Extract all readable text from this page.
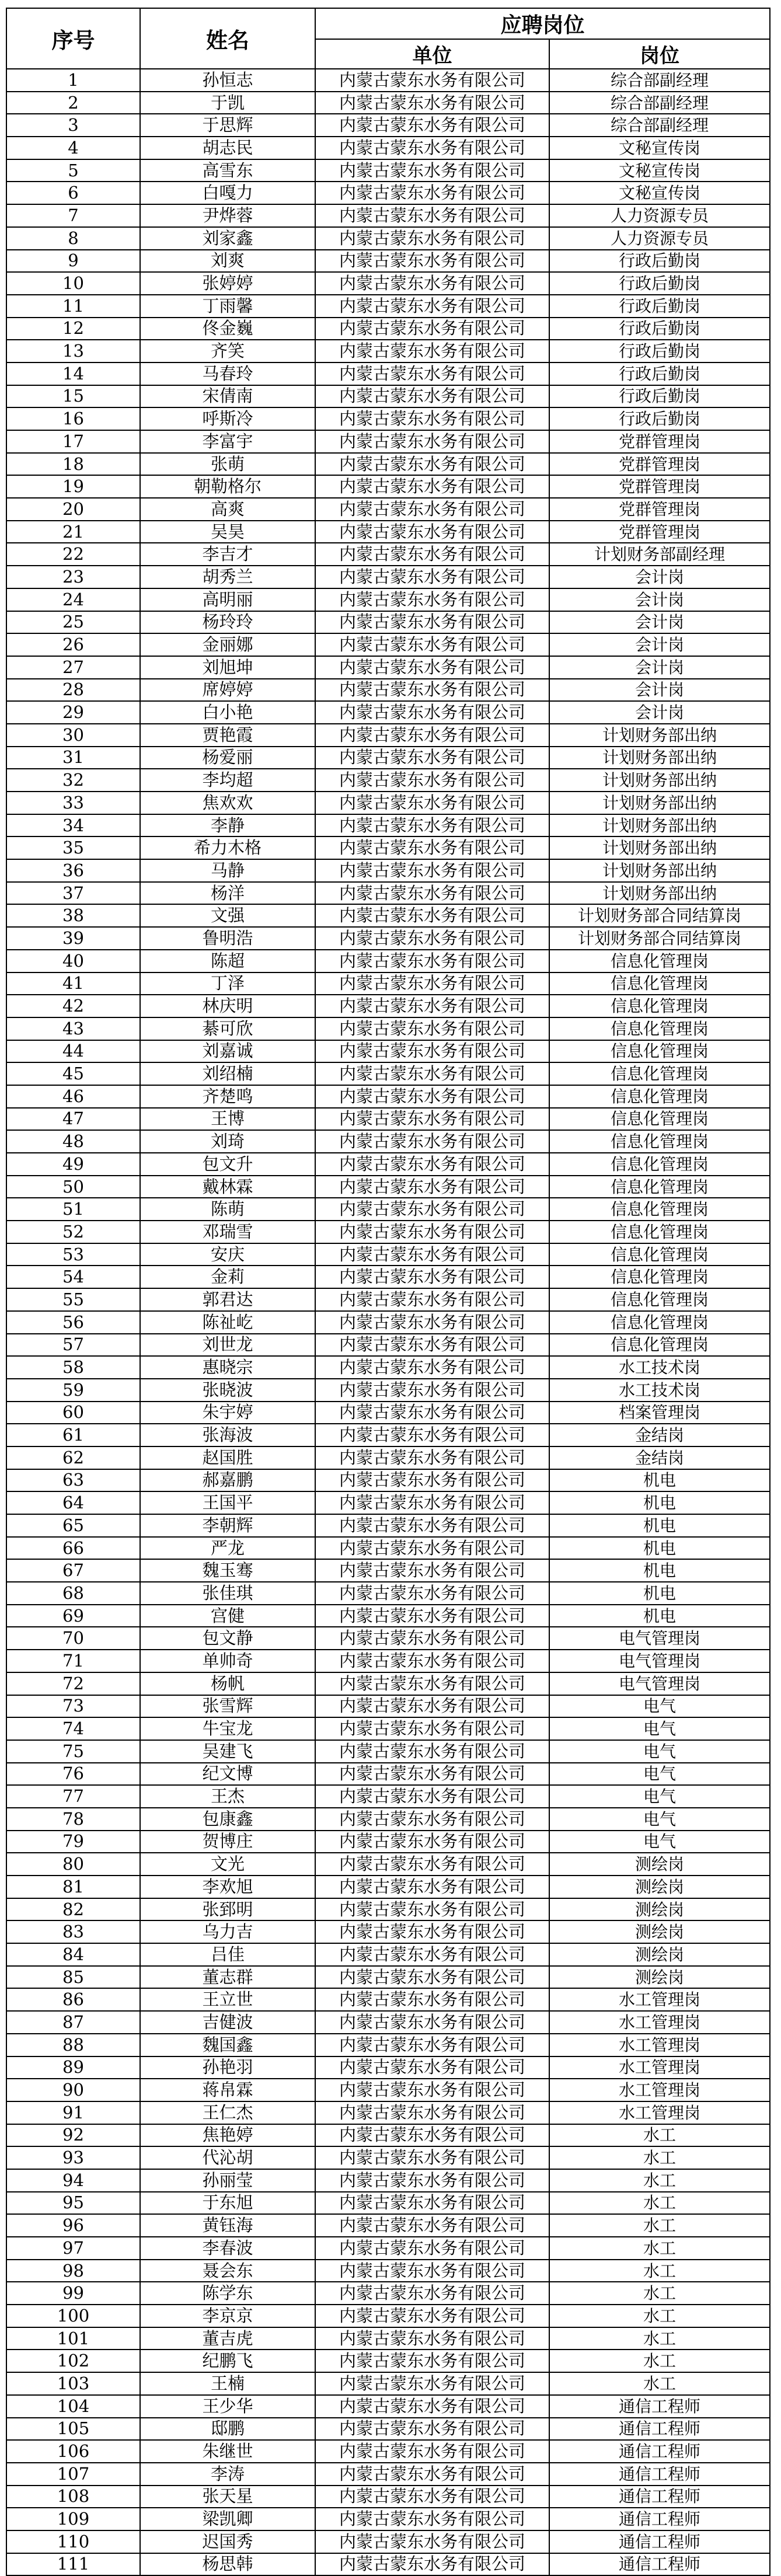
序号	姓名	应聘岗位	
		单位	岗位
1	孙恒志	内蒙古蒙东水务有限公司	综合部副经理
2	于凯	内蒙古蒙东水务有限公司	综合部副经理
3	于思辉	内蒙古蒙东水务有限公司	综合部副经理
4	胡志民	内蒙古蒙东水务有限公司	文秘宣传岗
5	高雪东	内蒙古蒙东水务有限公司	文秘宣传岗
6	白嘎力	内蒙古蒙东水务有限公司	文秘宣传岗
7	尹烨蓉	内蒙古蒙东水务有限公司	人力资源专员
8	刘家鑫	内蒙古蒙东水务有限公司	人力资源专员
9	刘爽	内蒙古蒙东水务有限公司	行政后勤岗
10	张婷婷	内蒙古蒙东水务有限公司	行政后勤岗
11	丁雨馨	内蒙古蒙东水务有限公司	行政后勤岗
12	佟金巍	内蒙古蒙东水务有限公司	行政后勤岗
13	齐笑	内蒙古蒙东水务有限公司	行政后勤岗
14	马春玲	内蒙古蒙东水务有限公司	行政后勤岗
15	宋倩南	内蒙古蒙东水务有限公司	行政后勤岗
16	呼斯冷	内蒙古蒙东水务有限公司	行政后勤岗
17	李富宇	内蒙古蒙东水务有限公司	党群管理岗
18	张萌	内蒙古蒙东水务有限公司	党群管理岗
19	朝勒格尔	内蒙古蒙东水务有限公司	党群管理岗
20	高爽	内蒙古蒙东水务有限公司	党群管理岗
21	吴昊	内蒙古蒙东水务有限公司	党群管理岗
22	李吉才	内蒙古蒙东水务有限公司	计划财务部副经理
23	胡秀兰	内蒙古蒙东水务有限公司	会计岗
24	高明丽	内蒙古蒙东水务有限公司	会计岗
25	杨玲玲	内蒙古蒙东水务有限公司	会计岗
26	金丽娜	内蒙古蒙东水务有限公司	会计岗
27	刘旭坤	内蒙古蒙东水务有限公司	会计岗
28	席婷婷	内蒙古蒙东水务有限公司	会计岗
29	白小艳	内蒙古蒙东水务有限公司	会计岗
30	贾艳霞	内蒙古蒙东水务有限公司	计划财务部出纳
31	杨爱丽	内蒙古蒙东水务有限公司	计划财务部出纳
32	李均超	内蒙古蒙东水务有限公司	计划财务部出纳
33	焦欢欢	内蒙古蒙东水务有限公司	计划财务部出纳
34	李静	内蒙古蒙东水务有限公司	计划财务部出纳
35	希力木格	内蒙古蒙东水务有限公司	计划财务部出纳
36	马静	内蒙古蒙东水务有限公司	计划财务部出纳
37	杨洋	内蒙古蒙东水务有限公司	计划财务部出纳
38	文强	内蒙古蒙东水务有限公司	计划财务部合同结算岗
39	鲁明浩	内蒙古蒙东水务有限公司	计划财务部合同结算岗
40	陈超	内蒙古蒙东水务有限公司	信息化管理岗
41	丁泽	内蒙古蒙东水务有限公司	信息化管理岗
42	林庆明	内蒙古蒙东水务有限公司	信息化管理岗
43	綦可欣	内蒙古蒙东水务有限公司	信息化管理岗
44	刘嘉诚	内蒙古蒙东水务有限公司	信息化管理岗
45	刘绍楠	内蒙古蒙东水务有限公司	信息化管理岗
46	齐楚鸣	内蒙古蒙东水务有限公司	信息化管理岗
47	王博	内蒙古蒙东水务有限公司	信息化管理岗
48	刘琦	内蒙古蒙东水务有限公司	信息化管理岗
49	包文升	内蒙古蒙东水务有限公司	信息化管理岗
50	戴林霖	内蒙古蒙东水务有限公司	信息化管理岗
51	陈萌	内蒙古蒙东水务有限公司	信息化管理岗
52	邓瑞雪	内蒙古蒙东水务有限公司	信息化管理岗
53	安庆	内蒙古蒙东水务有限公司	信息化管理岗
54	金莉	内蒙古蒙东水务有限公司	信息化管理岗
55	郭君达	内蒙古蒙东水务有限公司	信息化管理岗
56	陈祉屹	内蒙古蒙东水务有限公司	信息化管理岗
57	刘世龙	内蒙古蒙东水务有限公司	信息化管理岗
58	惠晓宗	内蒙古蒙东水务有限公司	水工技术岗
59	张晓波	内蒙古蒙东水务有限公司	水工技术岗
60	朱宇婷	内蒙古蒙东水务有限公司	档案管理岗
61	张海波	内蒙古蒙东水务有限公司	金结岗
62	赵国胜	内蒙古蒙东水务有限公司	金结岗
63	郝嘉鹏	内蒙古蒙东水务有限公司	机电
64	王国平	内蒙古蒙东水务有限公司	机电
65	李朝辉	内蒙古蒙东水务有限公司	机电
66	严龙	内蒙古蒙东水务有限公司	机电
67	魏玉骞	内蒙古蒙东水务有限公司	机电
68	张佳琪	内蒙古蒙东水务有限公司	机电
69	宫健	内蒙古蒙东水务有限公司	机电
70	包文静	内蒙古蒙东水务有限公司	电气管理岗
71	单帅奇	内蒙古蒙东水务有限公司	电气管理岗
72	杨帆	内蒙古蒙东水务有限公司	电气管理岗
73	张雪辉	内蒙古蒙东水务有限公司	电气
74	牛宝龙	内蒙古蒙东水务有限公司	电气
75	吴建飞	内蒙古蒙东水务有限公司	电气
76	纪文博	内蒙古蒙东水务有限公司	电气
77	王杰	内蒙古蒙东水务有限公司	电气
78	包康鑫	内蒙古蒙东水务有限公司	电气
79	贺博庄	内蒙古蒙东水务有限公司	电气
80	文光	内蒙古蒙东水务有限公司	测绘岗
81	李欢旭	内蒙古蒙东水务有限公司	测绘岗
82	张郅明	内蒙古蒙东水务有限公司	测绘岗
83	乌力吉	内蒙古蒙东水务有限公司	测绘岗
84	吕佳	内蒙古蒙东水务有限公司	测绘岗
85	董志群	内蒙古蒙东水务有限公司	测绘岗
86	王立世	内蒙古蒙东水务有限公司	水工管理岗
87	吉健波	内蒙古蒙东水务有限公司	水工管理岗
88	魏国鑫	内蒙古蒙东水务有限公司	水工管理岗
89	孙艳羽	内蒙古蒙东水务有限公司	水工管理岗
90	蒋帛霖	内蒙古蒙东水务有限公司	水工管理岗
91	王仁杰	内蒙古蒙东水务有限公司	水工管理岗
92	焦艳婷	内蒙古蒙东水务有限公司	水工
93	代沁胡	内蒙古蒙东水务有限公司	水工
94	孙丽莹	内蒙古蒙东水务有限公司	水工
95	于东旭	内蒙古蒙东水务有限公司	水工
96	黄钰海	内蒙古蒙东水务有限公司	水工
97	李春波	内蒙古蒙东水务有限公司	水工
98	聂会东	内蒙古蒙东水务有限公司	水工
99	陈学东	内蒙古蒙东水务有限公司	水工
100	李京京	内蒙古蒙东水务有限公司	水工
101	董吉虎	内蒙古蒙东水务有限公司	水工
102	纪鹏飞	内蒙古蒙东水务有限公司	水工
103	王楠	内蒙古蒙东水务有限公司	水工
104	王少华	内蒙古蒙东水务有限公司	通信工程师
105	邸鹏	内蒙古蒙东水务有限公司	通信工程师
106	朱继世	内蒙古蒙东水务有限公司	通信工程师
107	李涛	内蒙古蒙东水务有限公司	通信工程师
108	张天星	内蒙古蒙东水务有限公司	通信工程师
109	梁凯卿	内蒙古蒙东水务有限公司	通信工程师
110	迟国秀	内蒙古蒙东水务有限公司	通信工程师
111	杨思韩	内蒙古蒙东水务有限公司	通信工程师
